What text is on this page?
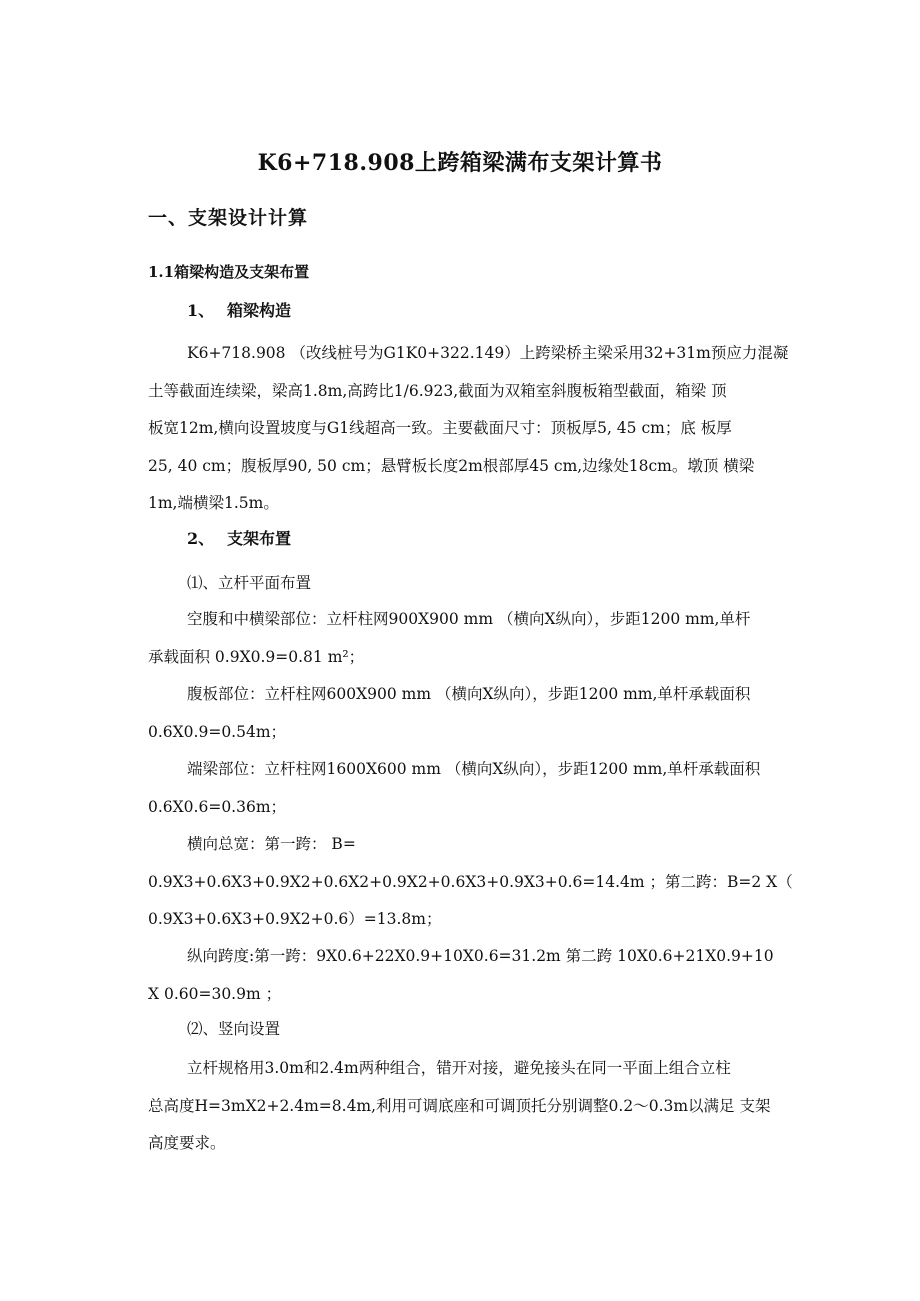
K6+718.908上跨箱梁满布支架计算书
一、支架设计计算
1.1箱梁构造及支架布置
1、 箱梁构造

K6+718.908 （改线桩号为G1K0+322.149）上跨梁桥主梁采用32+31m预应力混凝
土等截面连续梁，梁高1.8m,高跨比1/6.923,截面为双箱室斜腹板箱型截面，箱梁 顶
板宽12m,横向设置坡度与G1线超高一致。主要截面尺寸：顶板厚5, 45 cm；底 板厚
25, 40 cm；腹板厚90, 50 cm；悬臂板长度2m根部厚45 cm,边缘处18cm。墩顶 横梁
1m,端横梁1.5m。

2、 支架布置
⑴、立杆平面布置

空腹和中横梁部位：立杆柱网900X900 mm （横向X纵向），步距1200 mm,单杆
承载面积 0.9X0.9=0.81 m²；

腹板部位：立杆柱网600X900 mm （横向X纵向），步距1200 mm,单杆承载面积
0.6X0.9=0.54m；

端梁部位：立杆柱网1600X600 mm （横向X纵向），步距1200 mm,单杆承载面积
0.6X0.6=0.36m；

横向总宽：第一跨： B=
0.9X3+0.6X3+0.9X2+0.6X2+0.9X2+0.6X3+0.9X3+0.6=14.4m ；第二跨：B=2 X（
0.9X3+0.6X3+0.9X2+0.6）=13.8m；

纵向跨度:第一跨：9X0.6+22X0.9+10X0.6=31.2m 第二跨 10X0.6+21X0.9+10
X 0.60=30.9m ；

⑵、竖向设置

立杆规格用3.0m和2.4m两种组合，错开对接，避免接头在同一平面上组合立柱
总高度H=3mX2+2.4m=8.4m,利用可调底座和可调顶托分别调整0.2〜0.3m以满足 支架
高度要求。
